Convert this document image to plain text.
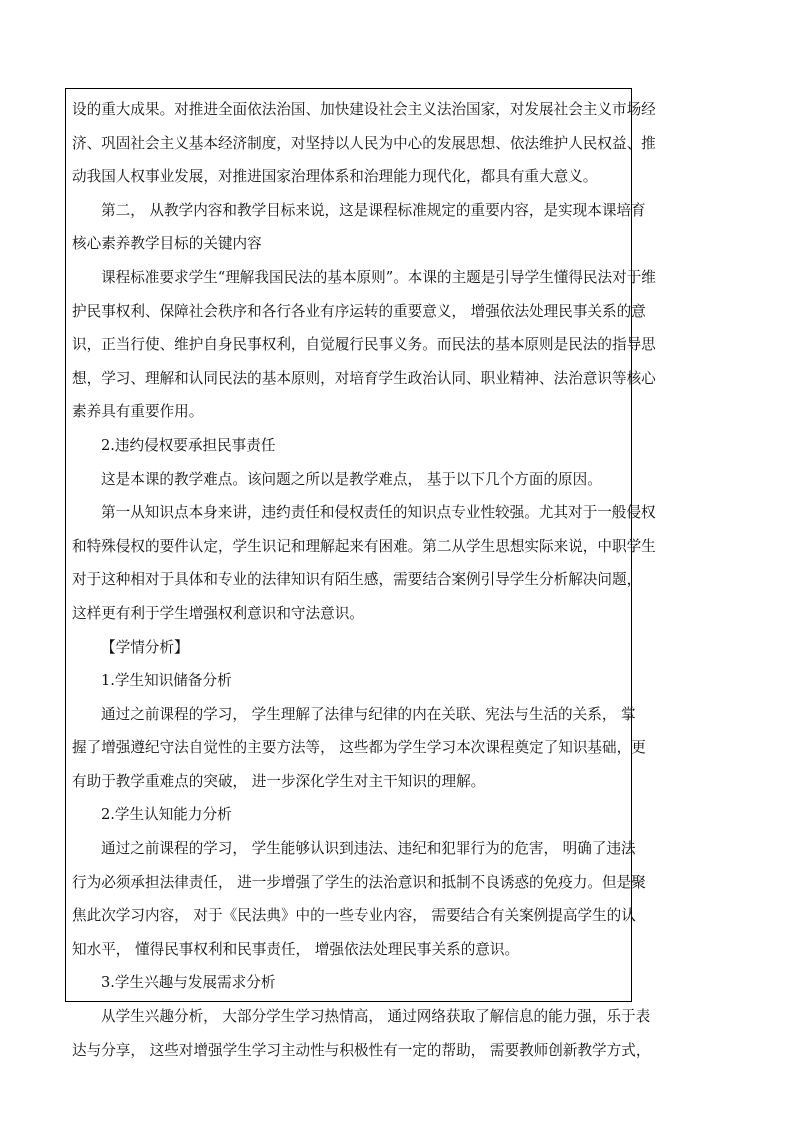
设的重大成果。对推进全面依法治国、加快建设社会主义法治国家，对发展社会主义市场经
济、巩固社会主义基本经济制度，对坚持以人民为中心的发展思想、依法维护人民权益、推
动我国人权事业发展，对推进国家治理体系和治理能力现代化，都具有重大意义。
第二， 从教学内容和教学目标来说，这是课程标准规定的重要内容，是实现本课培育
核心素养教学目标的关键内容
课程标准要求学生“理解我国民法的基本原则”。本课的主题是引导学生懂得民法对于维
护民事权利、保障社会秩序和各行各业有序运转的重要意义， 增强依法处理民事关系的意
识，正当行使、维护自身民事权利，自觉履行民事义务。而民法的基本原则是民法的指导思
想，学习、理解和认同民法的基本原则，对培育学生政治认同、职业精神、法治意识等核心
素养具有重要作用。
2.违约侵权要承担民事责任
这是本课的教学难点。该问题之所以是教学难点， 基于以下几个方面的原因。
第一从知识点本身来讲，违约责任和侵权责任的知识点专业性较强。尤其对于一般侵权
和特殊侵权的要件认定，学生识记和理解起来有困难。第二从学生思想实际来说，中职学生
对于这种相对于具体和专业的法律知识有陌生感，需要结合案例引导学生分析解决问题，
这样更有利于学生增强权利意识和守法意识。
【学情分析】
1.学生知识储备分析
通过之前课程的学习， 学生理解了法律与纪律的内在关联、宪法与生活的关系， 掌
握了增强遵纪守法自觉性的主要方法等， 这些都为学生学习本次课程奠定了知识基础，更
有助于教学重难点的突破， 进一步深化学生对主干知识的理解。
2.学生认知能力分析
通过之前课程的学习， 学生能够认识到违法、违纪和犯罪行为的危害， 明确了违法
行为必须承担法律责任， 进一步增强了学生的法治意识和抵制不良诱惑的免疫力。但是聚
焦此次学习内容， 对于《民法典》中的一些专业内容， 需要结合有关案例提高学生的认
知水平， 懂得民事权利和民事责任， 增强依法处理民事关系的意识。
3.学生兴趣与发展需求分析
从学生兴趣分析， 大部分学生学习热情高， 通过网络获取了解信息的能力强，乐于表
达与分享， 这些对增强学生学习主动性与积极性有一定的帮助， 需要教师创新教学方式，
